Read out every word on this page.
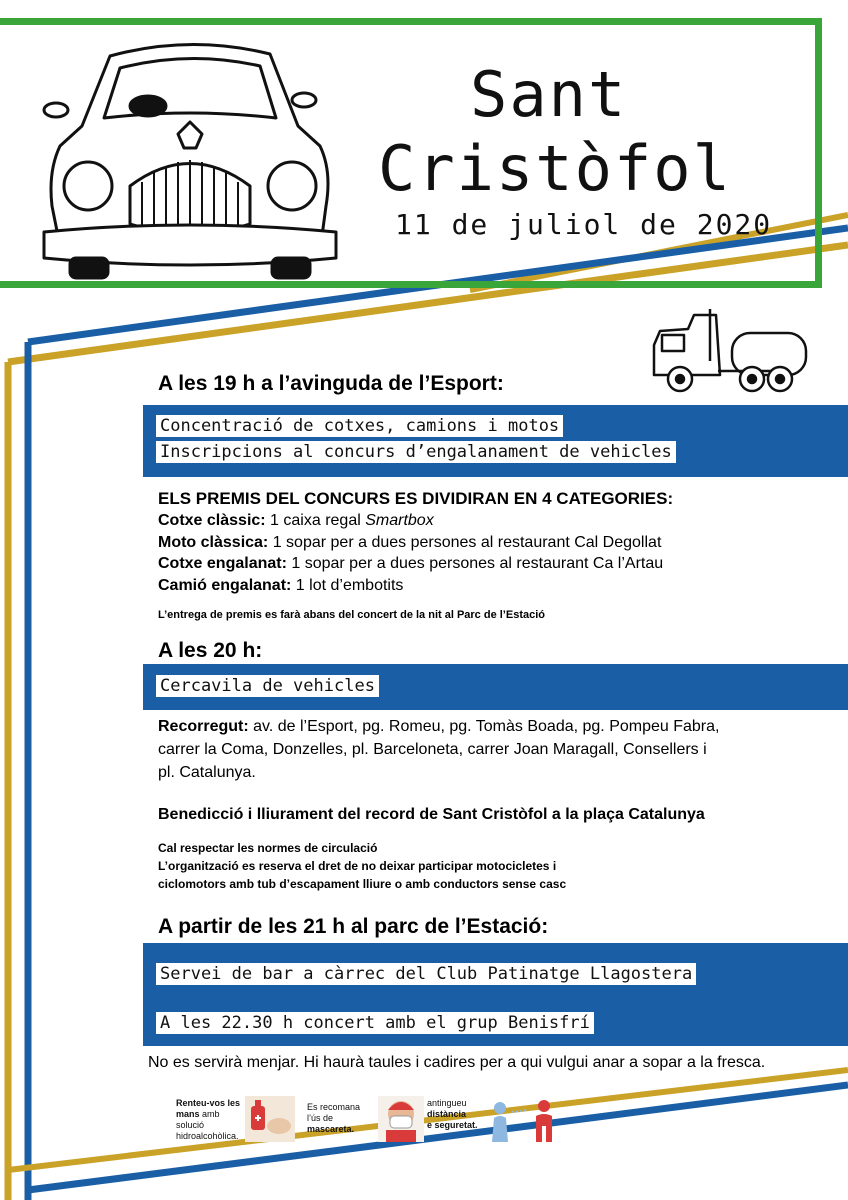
Sant
Cristòfol
11 de juliol de 2020
A les 19 h a l’avinguda de l’Esport:
Concentració de cotxes, camions i motos
Inscripcions al concurs d’engalanament de vehicles
ELS PREMIS DEL CONCURS ES DIVIDIRAN EN 4 CATEGORIES:
Cotxe clàssic: 1 caixa regal Smartbox
Moto clàssica: 1 sopar per a dues persones al restaurant Cal Degollat
Cotxe engalanat: 1 sopar per a dues persones al restaurant Ca l’Artau
Camió engalanat: 1 lot d’embotits
L’entrega de premis es farà abans del concert de la nit al Parc de l’Estació
A les 20 h:
Cercavila de vehicles
Recorregut: av. de l’Esport, pg. Romeu, pg. Tomàs Boada, pg. Pompeu Fabra,
carrer la Coma, Donzelles, pl. Barceloneta, carrer Joan Maragall, Consellers i
pl. Catalunya.
Benedicció i lliurament del record de Sant Cristòfol a la plaça Catalunya
Cal respectar les normes de circulació
L’organització es reserva el dret de no deixar participar motocicletes i
ciclomotors amb tub d’escapament lliure o amb conductors sense casc
A partir de les 21 h al parc de l’Estació:
Servei de bar a càrrec del Club Patinatge Llagostera
A les 22.30 h concert amb el grup Benisfrí
No es servirà menjar. Hi haurà taules i cadires per a qui vulgui anar a sopar a la fresca.
Renteu-vos les mans amb solució hidroalcohòlica.
Es recomana
l’ús de
mascareta.
antingueu
distància
e seguretat.
